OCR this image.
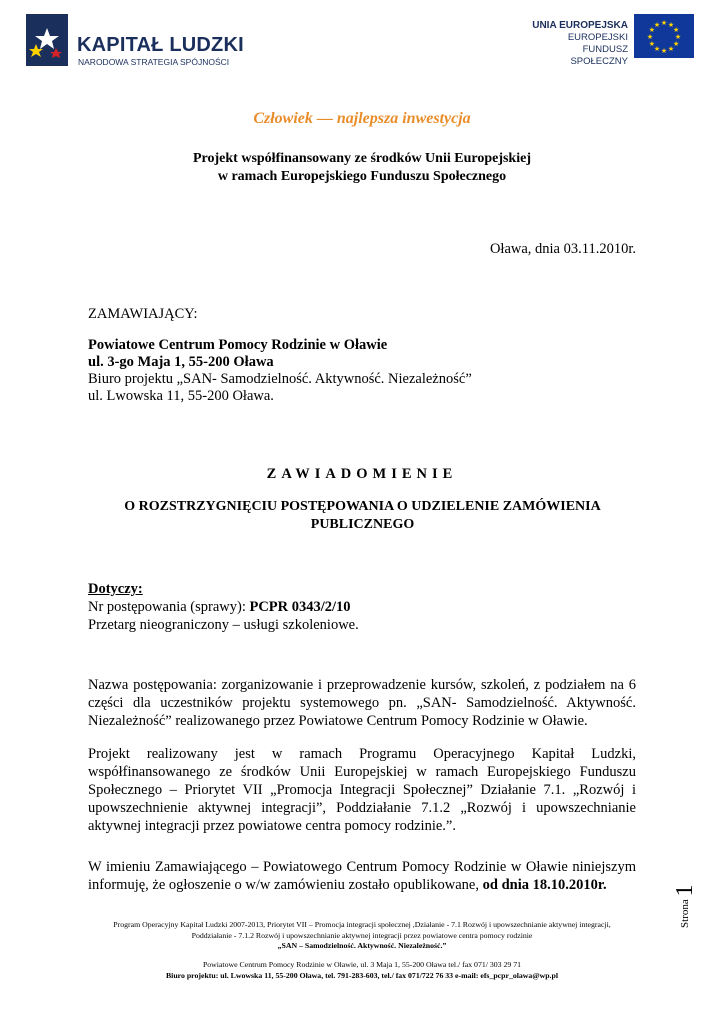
KAPITAŁ LUDZKI
NARODOWA STRATEGIA SPÓJNOŚCI
UNIA EUROPEJSKA
EUROPEJSKI
FUNDUSZ SPOŁECZNY
★
★
★
★
★
★
★
★
★ ★ ★
★
Człowiek — najlepsza inwestycja
Projekt współfinansowany ze środków Unii Europejskiej
w ramach Europejskiego Funduszu Społecznego
Oława, dnia 03.11.2010r.
ZAMAWIAJĄCY:
Powiatowe Centrum Pomocy Rodzinie w Oławie
ul. 3-go Maja 1, 55-200 Oława
Biuro projektu „SAN- Samodzielność. Aktywność. Niezależność”
ul. Lwowska 11, 55-200 Oława.
ZAWIADOMIENIE
O ROZSTRZYGNIĘCIU POSTĘPOWANIA O UDZIELENIE ZAMÓWIENIA
PUBLICZNEGO
Dotyczy:
Nr postępowania (sprawy): PCPR 0343/2/10
Przetarg nieograniczony – usługi szkoleniowe.
Nazwa postępowania: zorganizowanie i przeprowadzenie kursów, szkoleń, z podziałem na 6 części dla uczestników projektu systemowego pn. „SAN- Samodzielność. Aktywność. Niezależność” realizowanego przez Powiatowe Centrum Pomocy Rodzinie w Oławie.
Projekt realizowany jest w ramach Programu Operacyjnego Kapitał Ludzki, współfinansowanego ze środków Unii Europejskiej w ramach Europejskiego Funduszu Społecznego – Priorytet VII „Promocja Integracji Społecznej” Działanie 7.1. „Rozwój i upowszechnienie aktywnej integracji”, Poddziałanie 7.1.2 „Rozwój i upowszechnianie aktywnej integracji przez powiatowe centra pomocy rodzinie.”.
W imieniu Zamawiającego – Powiatowego Centrum Pomocy Rodzinie w Oławie niniejszym informuję, że ogłoszenie o w/w zamówieniu zostało opublikowane, od dnia 18.10.2010r.
Strona 1
Program Operacyjny Kapitał Ludzki 2007-2013, Priorytet VII – Promocja integracji społecznej ,Działanie - 7.1 Rozwój i upowszechnianie aktywnej integracji,
Poddziałanie - 7.1.2 Rozwój i upowszechnianie aktywnej integracji przez powiatowe centra pomocy rodzinie
„SAN – Samodzielność. Aktywność. Niezależność.”
Powiatowe Centrum Pomocy Rodzinie w Oławie, ul. 3 Maja 1, 55-200 Oława tel./ fax 071/ 303 29 71
Biuro projektu: ul. Lwowska 11, 55-200 Oława, tel. 791-283-603, tel./ fax 071/722 76 33 e-mail: efs_pcpr_olawa@wp.pl
